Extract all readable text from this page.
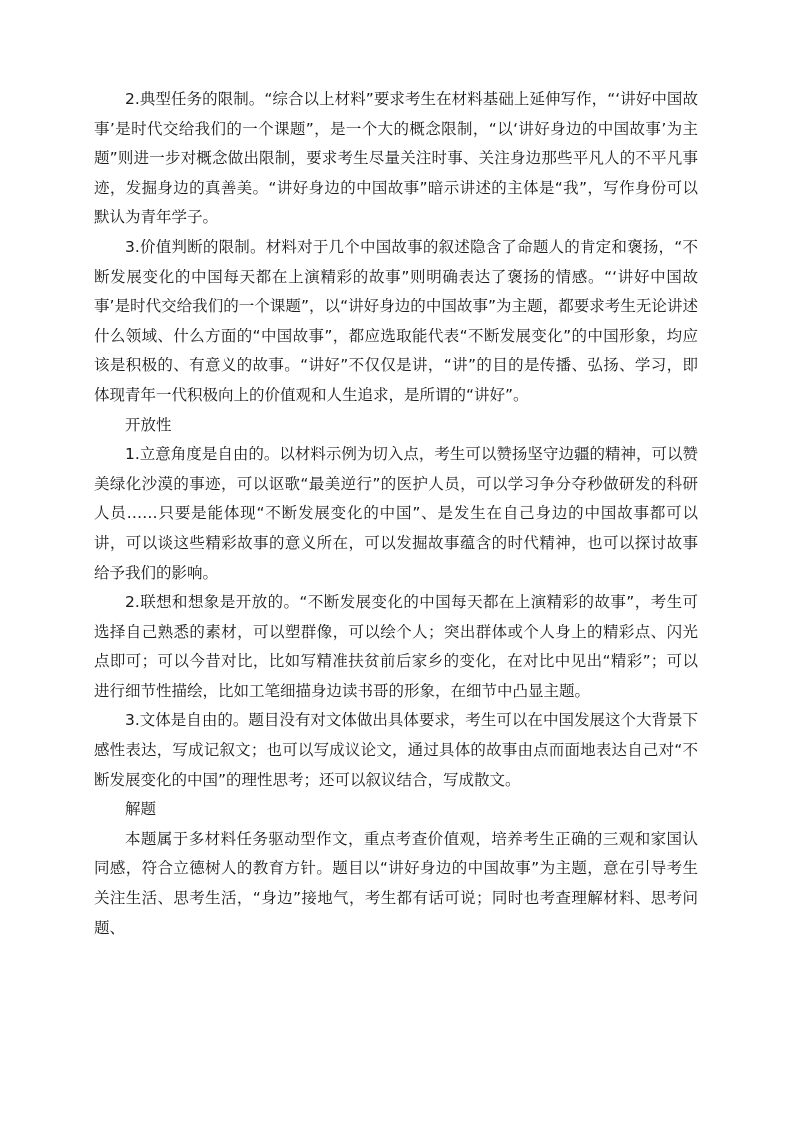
2.典型任务的限制。“综合以上材料”要求考生在材料基础上延伸写作，“‘讲好中国故事’是时代交给我们的一个课题”，是一个大的概念限制，“以‘讲好身边的中国故事’为主题”则进一步对概念做出限制，要求考生尽量关注时事、关注身边那些平凡人的不平凡事迹，发掘身边的真善美。“讲好身边的中国故事”暗示讲述的主体是“我”，写作身份可以默认为青年学子。

3.价值判断的限制。材料对于几个中国故事的叙述隐含了命题人的肯定和褒扬，“不断发展变化的中国每天都在上演精彩的故事”则明确表达了褒扬的情感。“‘讲好中国故事’是时代交给我们的一个课题”，以“讲好身边的中国故事”为主题，都要求考生无论讲述什么领域、什么方面的“中国故事”，都应选取能代表“不断发展变化”的中国形象，均应该是积极的、有意义的故事。“讲好”不仅仅是讲，“讲”的目的是传播、弘扬、学习，即体现青年一代积极向上的价值观和人生追求，是所谓的“讲好”。

开放性

1.立意角度是自由的。以材料示例为切入点，考生可以赞扬坚守边疆的精神，可以赞美绿化沙漠的事迹，可以讴歌“最美逆行”的医护人员，可以学习争分夺秒做研发的科研人员……只要是能体现“不断发展变化的中国”、是发生在自己身边的中国故事都可以讲，可以谈这些精彩故事的意义所在，可以发掘故事蕴含的时代精神，也可以探讨故事给予我们的影响。

2.联想和想象是开放的。“不断发展变化的中国每天都在上演精彩的故事”，考生可选择自己熟悉的素材，可以塑群像，可以绘个人；突出群体或个人身上的精彩点、闪光点即可；可以今昔对比，比如写精准扶贫前后家乡的变化，在对比中见出“精彩”；可以进行细节性描绘，比如工笔细描身边读书哥的形象，在细节中凸显主题。

3.文体是自由的。题目没有对文体做出具体要求，考生可以在中国发展这个大背景下感性表达，写成记叙文；也可以写成议论文，通过具体的故事由点而面地表达自己对“不断发展变化的中国”的理性思考；还可以叙议结合，写成散文。

解题

本题属于多材料任务驱动型作文，重点考查价值观，培养考生正确的三观和家国认同感，符合立德树人的教育方针。题目以“讲好身边的中国故事”为主题，意在引导考生关注生活、思考生活，“身边”接地气，考生都有话可说；同时也考查理解材料、思考问题、
